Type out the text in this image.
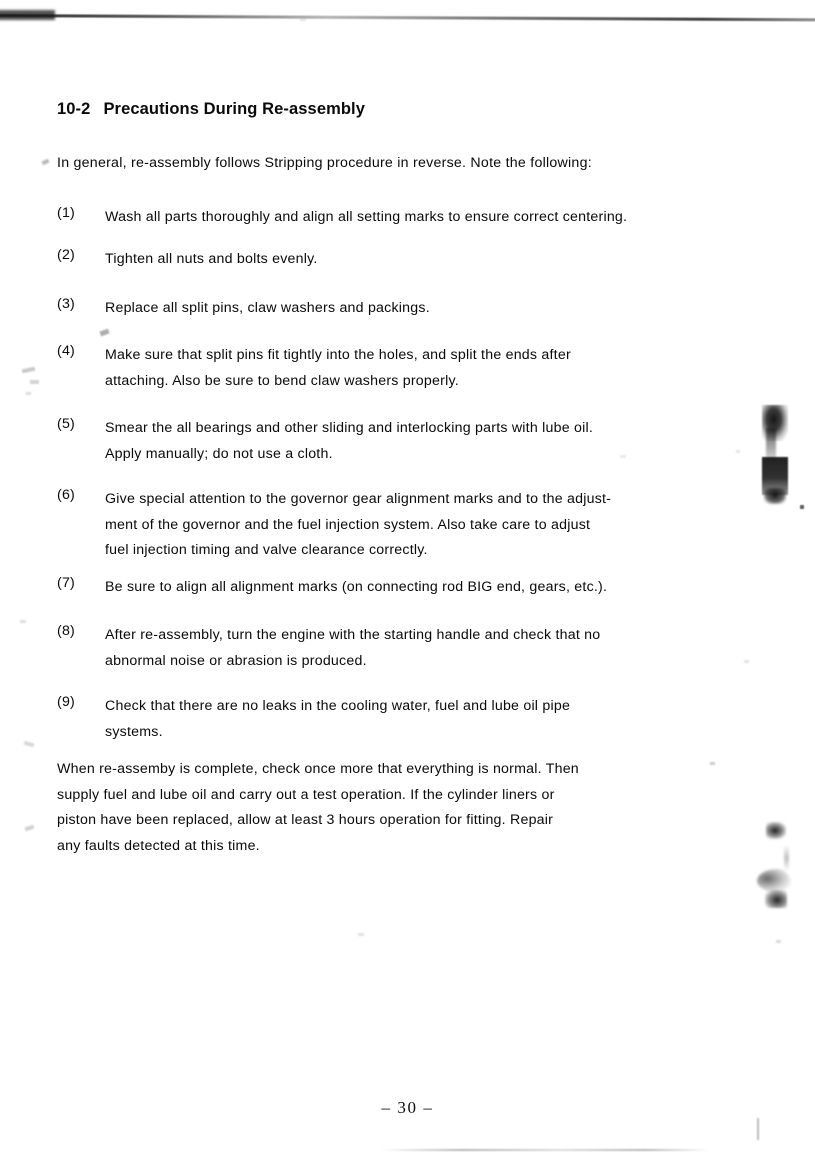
10-2 Precautions During Re-assembly
In general, re-assembly follows Stripping procedure in reverse. Note the following:
(1)	Wash all parts thoroughly and align all setting marks to ensure correct centering.
(2)	Tighten all nuts and bolts evenly.
(3)	Replace all split pins, claw washers and packings.
(4)	Make sure that split pins fit tightly into the holes, and split the ends after
attaching. Also be sure to bend claw washers properly.
(5)	Smear the all bearings and other sliding and interlocking parts with lube oil.
Apply manually; do not use a cloth.
(6)	Give special attention to the governor gear alignment marks and to the adjust-
ment of the governor and the fuel injection system. Also take care to adjust
fuel injection timing and valve clearance correctly.
(7)	Be sure to align all alignment marks (on connecting rod BIG end, gears, etc.).
(8)	After re-assembly, turn the engine with the starting handle and check that no
abnormal noise or abrasion is produced.
(9)	Check that there are no leaks in the cooling water, fuel and lube oil pipe
systems.
When re-assemby is complete, check once more that everything is normal. Then
supply fuel and lube oil and carry out a test operation. If the cylinder liners or
piston have been replaced, allow at least 3 hours operation for fitting. Repair
any faults detected at this time.
– 30 –
